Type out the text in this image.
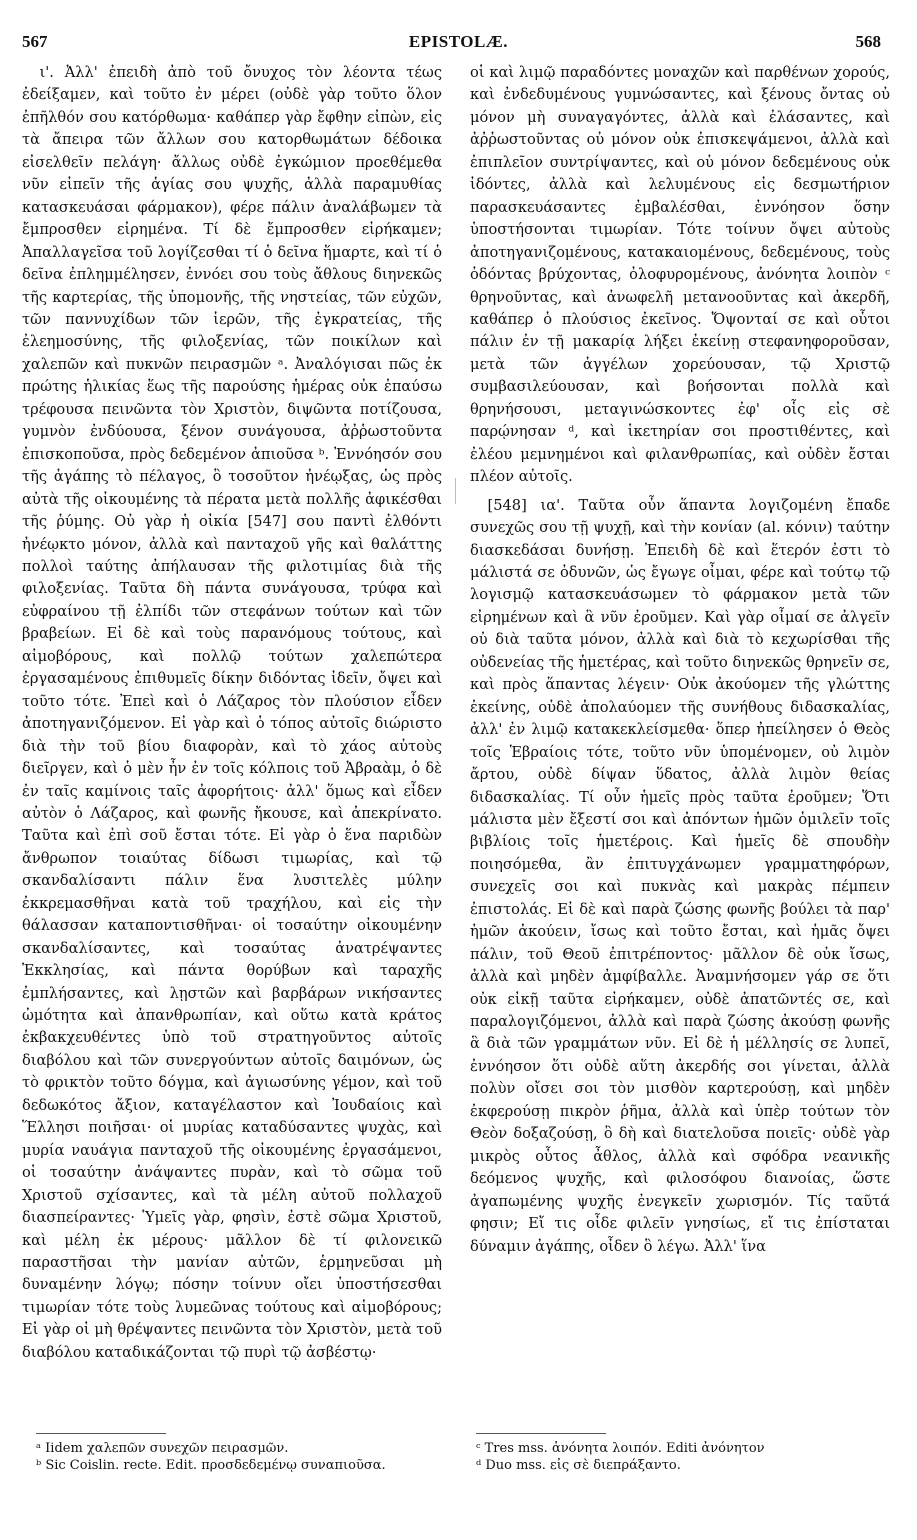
567	EPISTOLÆ.	568

ι'. Ἀλλ' ἐπειδὴ ἀπὸ τοῦ ὄνυχος τὸν λέοντα τέως ἐδείξαμεν, καὶ τοῦτο ἐν μέρει (οὐδὲ γὰρ τοῦτο ὅλον ἐπῆλθόν σου κατόρθωμα· καθάπερ γὰρ ἔφθην εἰπὼν, εἰς τὰ ἄπειρα τῶν ἄλλων σου κατορθωμάτων δέδοικα εἰσελθεῖν πελάγη· ἄλλως οὐδὲ ἐγκώμιον προεθέμεθα νῦν εἰπεῖν τῆς ἁγίας σου ψυχῆς, ἀλλὰ παραμυθίας κατασκευάσαι φάρμακον), φέρε πάλιν ἀναλάβωμεν τὰ ἔμπροσθεν εἰρημένα. Τί δὲ ἔμπροσθεν εἰρήκαμεν; Ἀπαλλαγεῖσα τοῦ λογίζεσθαι τί ὁ δεῖνα ἥμαρτε, καὶ τί ὁ δεῖνα ἐπλημμέλησεν, ἐννόει σου τοὺς ἄθλους διηνεκῶς τῆς καρτερίας, τῆς ὑπομονῆς, τῆς νηστείας, τῶν εὐχῶν, τῶν παννυχίδων τῶν ἱερῶν, τῆς ἐγκρατείας, τῆς ἐλεημοσύνης, τῆς φιλοξενίας, τῶν ποικίλων καὶ χαλεπῶν καὶ πυκνῶν πειρασμῶν ᵃ. Ἀναλόγισαι πῶς ἐκ πρώτης ἡλικίας ἕως τῆς παρούσης ἡμέρας οὐκ ἐπαύσω τρέφουσα πεινῶντα τὸν Χριστὸν, διψῶντα ποτίζουσα, γυμνὸν ἐνδύουσα, ξένον συνάγουσα, ἀῤῥωστοῦντα ἐπισκοποῦσα, πρὸς δεδεμένον ἀπιοῦσα ᵇ. Ἐννόησόν σου τῆς ἀγάπης τὸ πέλαγος, ὃ τοσοῦτον ἠνέῳξας, ὡς πρὸς αὐτὰ τῆς οἰκουμένης τὰ πέρατα μετὰ πολλῆς ἀφικέσθαι τῆς ῥύμης. Οὐ γὰρ ἡ οἰκία [547] σου παντὶ ἐλθόντι ἠνέῳκτο μόνον, ἀλλὰ καὶ πανταχοῦ γῆς καὶ θαλάττης πολλοὶ ταύτης ἀπήλαυσαν τῆς φιλοτιμίας διὰ τῆς φιλοξενίας. Ταῦτα δὴ πάντα συνάγουσα, τρύφα καὶ εὐφραίνου τῇ ἐλπίδι τῶν στεφάνων τούτων καὶ τῶν βραβείων. Εἰ δὲ καὶ τοὺς παρανόμους τούτους, καὶ αἱμοβόρους, καὶ πολλῷ τούτων χαλεπώτερα ἐργασαμένους ἐπιθυμεῖς δίκην διδόντας ἰδεῖν, ὄψει καὶ τοῦτο τότε. Ἐπεὶ καὶ ὁ Λάζαρος τὸν πλούσιον εἶδεν ἀποτηγανιζόμενον. Εἰ γὰρ καὶ ὁ τόπος αὐτοῖς διώριστο διὰ τὴν τοῦ βίου διαφορὰν, καὶ τὸ χάος αὐτοὺς διεῖργεν, καὶ ὁ μὲν ἦν ἐν τοῖς κόλποις τοῦ Ἀβραὰμ, ὁ δὲ ἐν ταῖς καμίνοις ταῖς ἀφορήτοις· ἀλλ' ὅμως καὶ εἶδεν αὐτὸν ὁ Λάζαρος, καὶ φωνῆς ἤκουσε, καὶ ἀπεκρίνατο. Ταῦτα καὶ ἐπὶ σοῦ ἔσται τότε. Εἰ γὰρ ὁ ἕνα παριδὼν ἄνθρωπον τοιαύτας δίδωσι τιμωρίας, καὶ τῷ σκανδαλίσαντι πάλιν ἕνα λυσιτελὲς μύλην ἐκκρεμασθῆναι κατὰ τοῦ τραχήλου, καὶ εἰς τὴν θάλασσαν καταποντισθῆναι· οἱ τοσαύτην οἰκουμένην σκανδαλίσαντες, καὶ τοσαύτας ἀνατρέψαντες Ἐκκλησίας, καὶ πάντα θορύβων καὶ ταραχῆς ἐμπλήσαντες, καὶ λῃστῶν καὶ βαρβάρων νικήσαντες ὠμότητα καὶ ἀπανθρωπίαν, καὶ οὕτω κατὰ κράτος ἐκβακχευθέντες ὑπὸ τοῦ στρατηγοῦντος αὐτοῖς διαβόλου καὶ τῶν συνεργούντων αὐτοῖς δαιμόνων, ὡς τὸ φρικτὸν τοῦτο δόγμα, καὶ ἀγιωσύνης γέμον, καὶ τοῦ δεδωκότος ἄξιον, καταγέλαστον καὶ Ἰουδαίοις καὶ Ἕλλησι ποιῆσαι· οἱ μυρίας καταδύσαντες ψυχὰς, καὶ μυρία ναυάγια πανταχοῦ τῆς οἰκουμένης ἐργασάμενοι, οἱ τοσαύτην ἀνάψαντες πυρὰν, καὶ τὸ σῶμα τοῦ Χριστοῦ σχίσαντες, καὶ τὰ μέλη αὐτοῦ πολλαχοῦ διασπείραντες· Ὑμεῖς γὰρ, φησὶν, ἐστὲ σῶμα Χριστοῦ, καὶ μέλη ἐκ μέρους· μᾶλλον δὲ τί φιλονεικῶ παραστῆσαι τὴν μανίαν αὐτῶν, ἑρμηνεῦσαι μὴ δυναμένην λόγῳ; πόσην τοίνυν οἴει ὑποστήσεσθαι τιμωρίαν τότε τοὺς λυμεῶνας τούτους καὶ αἱμοβόρους; Εἰ γὰρ οἱ μὴ θρέψαντες πεινῶντα τὸν Χριστὸν, μετὰ τοῦ διαβόλου καταδικάζονται τῷ πυρὶ τῷ ἀσβέστῳ·

οἱ καὶ λιμῷ παραδόντες μοναχῶν καὶ παρθένων χορούς, καὶ ἐνδεδυμένους γυμνώσαντες, καὶ ξένους ὄντας οὐ μόνον μὴ συναγαγόντες, ἀλλὰ καὶ ἐλάσαντες, καὶ ἀῤῥωστοῦντας οὐ μόνον οὐκ ἐπισκεψάμενοι, ἀλλὰ καὶ ἐπιπλεῖον συντρίψαντες, καὶ οὐ μόνον δεδεμένους οὐκ ἰδόντες, ἀλλὰ καὶ λελυμένους εἰς δεσμωτήριον παρασκευάσαντες ἐμβαλέσθαι, ἐννόησον ὅσην ὑποστήσονται τιμωρίαν. Τότε τοίνυν ὄψει αὐτοὺς ἀποτηγανιζομένους, κατακαιομένους, δεδεμένους, τοὺς ὀδόντας βρύχοντας, ὀλοφυρομένους, ἀνόνητα λοιπὸν ᶜ θρηνοῦντας, καὶ ἀνωφελῆ μετανοοῦντας καὶ ἀκερδῆ, καθάπερ ὁ πλούσιος ἐκεῖνος. Ὄψονταί σε καὶ οὗτοι πάλιν ἐν τῇ μακαρίᾳ λήξει ἐκείνῃ στεφανηφοροῦσαν, μετὰ τῶν ἀγγέλων χορεύουσαν, τῷ Χριστῷ συμβασιλεύουσαν, καὶ βοήσονται πολλὰ καὶ θρηνήσουσι, μεταγινώσκοντες ἐφ' οἷς εἰς σὲ παρῴνησαν ᵈ, καὶ ἱκετηρίαν σοι προστιθέντες, καὶ ἐλέου μεμνημένοι καὶ φιλανθρωπίας, καὶ οὐδὲν ἔσται πλέον αὐτοῖς.

[548] ια'. Ταῦτα οὖν ἅπαντα λογιζομένη ἔπαδε συνεχῶς σου τῇ ψυχῇ, καὶ τὴν κονίαν (al. κόνιν) ταύτην διασκεδάσαι δυνήσῃ. Ἐπειδὴ δὲ καὶ ἕτερόν ἐστι τὸ μάλιστά σε ὀδυνῶν, ὡς ἔγωγε οἶμαι, φέρε καὶ τούτῳ τῷ λογισμῷ κατασκευάσωμεν τὸ φάρμακον μετὰ τῶν εἰρημένων καὶ ἃ νῦν ἐροῦμεν. Καὶ γὰρ οἶμαί σε ἀλγεῖν οὐ διὰ ταῦτα μόνον, ἀλλὰ καὶ διὰ τὸ κεχωρίσθαι τῆς οὐδενείας τῆς ἡμετέρας, καὶ τοῦτο διηνεκῶς θρηνεῖν σε, καὶ πρὸς ἅπαντας λέγειν· Οὐκ ἀκούομεν τῆς γλώττης ἐκείνης, οὐδὲ ἀπολαύομεν τῆς συνήθους διδασκαλίας, ἀλλ' ἐν λιμῷ κατακεκλείσμεθα· ὅπερ ἠπείλησεν ὁ Θεὸς τοῖς Ἑβραίοις τότε, τοῦτο νῦν ὑπομένομεν, οὐ λιμὸν ἄρτου, οὐδὲ δίψαν ὕδατος, ἀλλὰ λιμὸν θείας διδασκαλίας. Τί οὖν ἡμεῖς πρὸς ταῦτα ἐροῦμεν; Ὅτι μάλιστα μὲν ἔξεστί σοι καὶ ἀπόντων ἡμῶν ὁμιλεῖν τοῖς βιβλίοις τοῖς ἡμετέροις. Καὶ ἡμεῖς δὲ σπουδὴν ποιησόμεθα, ἂν ἐπιτυγχάνωμεν γραμματηφόρων, συνεχεῖς σοι καὶ πυκνὰς καὶ μακρὰς πέμπειν ἐπιστολάς. Εἰ δὲ καὶ παρὰ ζώσης φωνῆς βούλει τὰ παρ' ἡμῶν ἀκούειν, ἴσως καὶ τοῦτο ἔσται, καὶ ἡμᾶς ὄψει πάλιν, τοῦ Θεοῦ ἐπιτρέποντος· μᾶλλον δὲ οὐκ ἴσως, ἀλλὰ καὶ μηδὲν ἀμφίβαλλε. Ἀναμνήσομεν γάρ σε ὅτι οὐκ εἰκῇ ταῦτα εἰρήκαμεν, οὐδὲ ἀπατῶντές σε, καὶ παραλογιζόμενοι, ἀλλὰ καὶ παρὰ ζώσης ἀκούσῃ φωνῆς ἃ διὰ τῶν γραμμάτων νῦν. Εἰ δὲ ἡ μέλλησίς σε λυπεῖ, ἐννόησον ὅτι οὐδὲ αὕτη ἀκερδής σοι γίνεται, ἀλλὰ πολὺν οἴσει σοι τὸν μισθὸν καρτερούσῃ, καὶ μηδὲν ἐκφερούσῃ πικρὸν ῥῆμα, ἀλλὰ καὶ ὑπὲρ τούτων τὸν Θεὸν δοξαζούσῃ, ὃ δὴ καὶ διατελοῦσα ποιεῖς· οὐδὲ γὰρ μικρὸς οὗτος ἆθλος, ἀλλὰ καὶ σφόδρα νεανικῆς δεόμενος ψυχῆς, καὶ φιλοσόφου διανοίας, ὥστε ἀγαπωμένης ψυχῆς ἐνεγκεῖν χωρισμόν. Τίς ταῦτά φησιν; Εἴ τις οἶδε φιλεῖν γνησίως, εἴ τις ἐπίσταται δύναμιν ἀγάπης, οἶδεν ὃ λέγω. Ἀλλ' ἵνα

ᵃ Iidem χαλεπῶν συνεχῶν πειρασμῶν.
ᵇ Sic Coislin. recte. Edit. προσδεδεμένῳ συναπιοῦσα.
ᶜ Tres mss. ἀνόνητα λοιπόν. Editi ἀνόνητον
ᵈ Duo mss. εἰς σὲ διεπράξαντο.
